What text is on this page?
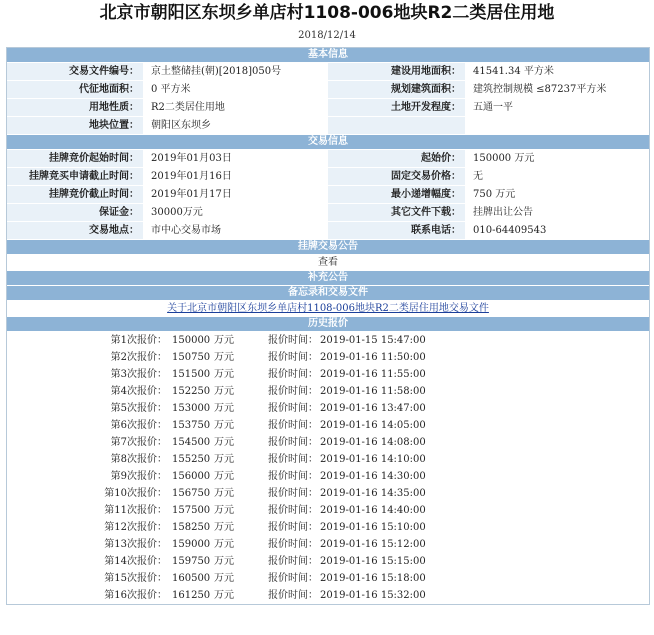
北京市朝阳区东坝乡单店村1108-006地块R2二类居住用地
2018/12/14
基本信息
交易文件编号：	京土整储挂(朝)[2018]050号	建设用地面积：	41541.34 平方米
代征地面积：	0 平方米	规划建筑面积：	建筑控制规模 ≤87237平方米
用地性质：	R2二类居住用地	土地开发程度：	五通一平
地块位置：	朝阳区东坝乡
交易信息
挂牌竞价起始时间：	2019年01月03日	起始价：	150000 万元
挂牌竞买申请截止时间：	2019年01月16日	固定交易价格：	无
挂牌竞价截止时间：	2019年01月17日	最小递增幅度：	750 万元
保证金：	30000万元	其它文件下载：	挂牌出让公告
交易地点：	市中心交易市场	联系电话：	010-64409543
挂牌交易公告
查看
补充公告
备忘录和交易文件
关于北京市朝阳区东坝乡单店村1108-006地块R2二类居住用地交易文件
历史报价
第1次报价： 150000 万元	报价时间： 2019-01-15 15:47:00
第2次报价： 150750 万元	报价时间： 2019-01-16 11:50:00
第3次报价： 151500 万元	报价时间： 2019-01-16 11:55:00
第4次报价： 152250 万元	报价时间： 2019-01-16 11:58:00
第5次报价： 153000 万元	报价时间： 2019-01-16 13:47:00
第6次报价： 153750 万元	报价时间： 2019-01-16 14:05:00
第7次报价： 154500 万元	报价时间： 2019-01-16 14:08:00
第8次报价： 155250 万元	报价时间： 2019-01-16 14:10:00
第9次报价： 156000 万元	报价时间： 2019-01-16 14:30:00
第10次报价： 156750 万元	报价时间： 2019-01-16 14:35:00
第11次报价： 157500 万元	报价时间： 2019-01-16 14:40:00
第12次报价： 158250 万元	报价时间： 2019-01-16 15:10:00
第13次报价： 159000 万元	报价时间： 2019-01-16 15:12:00
第14次报价： 159750 万元	报价时间： 2019-01-16 15:15:00
第15次报价： 160500 万元	报价时间： 2019-01-16 15:18:00
第16次报价： 161250 万元	报价时间： 2019-01-16 15:32:00
